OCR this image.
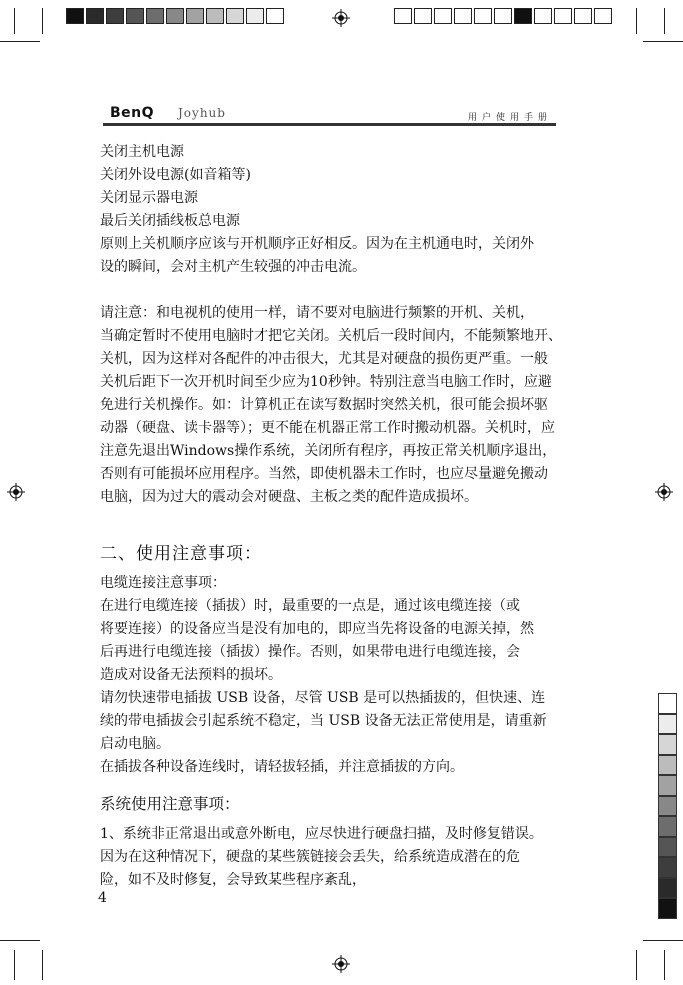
BenQ Joyhub	用户使用手册
关闭主机电源
关闭外设电源(如音箱等)
关闭显示器电源
最后关闭插线板总电源
原则上关机顺序应该与开机顺序正好相反。因为在主机通电时，关闭外
设的瞬间，会对主机产生较强的冲击电流。
请注意：和电视机的使用一样，请不要对电脑进行频繁的开机、关机，
当确定暂时不使用电脑时才把它关闭。关机后一段时间内，不能频繁地开、
关机，因为这样对各配件的冲击很大，尤其是对硬盘的损伤更严重。一般
关机后距下一次开机时间至少应为10秒钟。特别注意当电脑工作时，应避
免进行关机操作。如：计算机正在读写数据时突然关机，很可能会损坏驱
动器（硬盘、读卡器等）；更不能在机器正常工作时搬动机器。关机时，应
注意先退出Windows操作系统，关闭所有程序，再按正常关机顺序退出，
否则有可能损坏应用程序。当然，即使机器未工作时，也应尽量避免搬动
电脑，因为过大的震动会对硬盘、主板之类的配件造成损坏。
二、使用注意事项：
电缆连接注意事项：
在进行电缆连接（插拔）时，最重要的一点是，通过该电缆连接（或
将要连接）的设备应当是没有加电的，即应当先将设备的电源关掉，然
后再进行电缆连接（插拔）操作。否则，如果带电进行电缆连接，会
造成对设备无法预料的损坏。
请勿快速带电插拔 USB 设备，尽管 USB 是可以热插拔的，但快速、连
续的带电插拔会引起系统不稳定，当 USB 设备无法正常使用是，请重新
启动电脑。
在插拔各种设备连线时，请轻拔轻插，并注意插拔的方向。
系统使用注意事项：
1、系统非正常退出或意外断电，应尽快进行硬盘扫描，及时修复错误。
因为在这种情况下，硬盘的某些簇链接会丢失，给系统造成潜在的危
险，如不及时修复，会导致某些程序紊乱，
4
